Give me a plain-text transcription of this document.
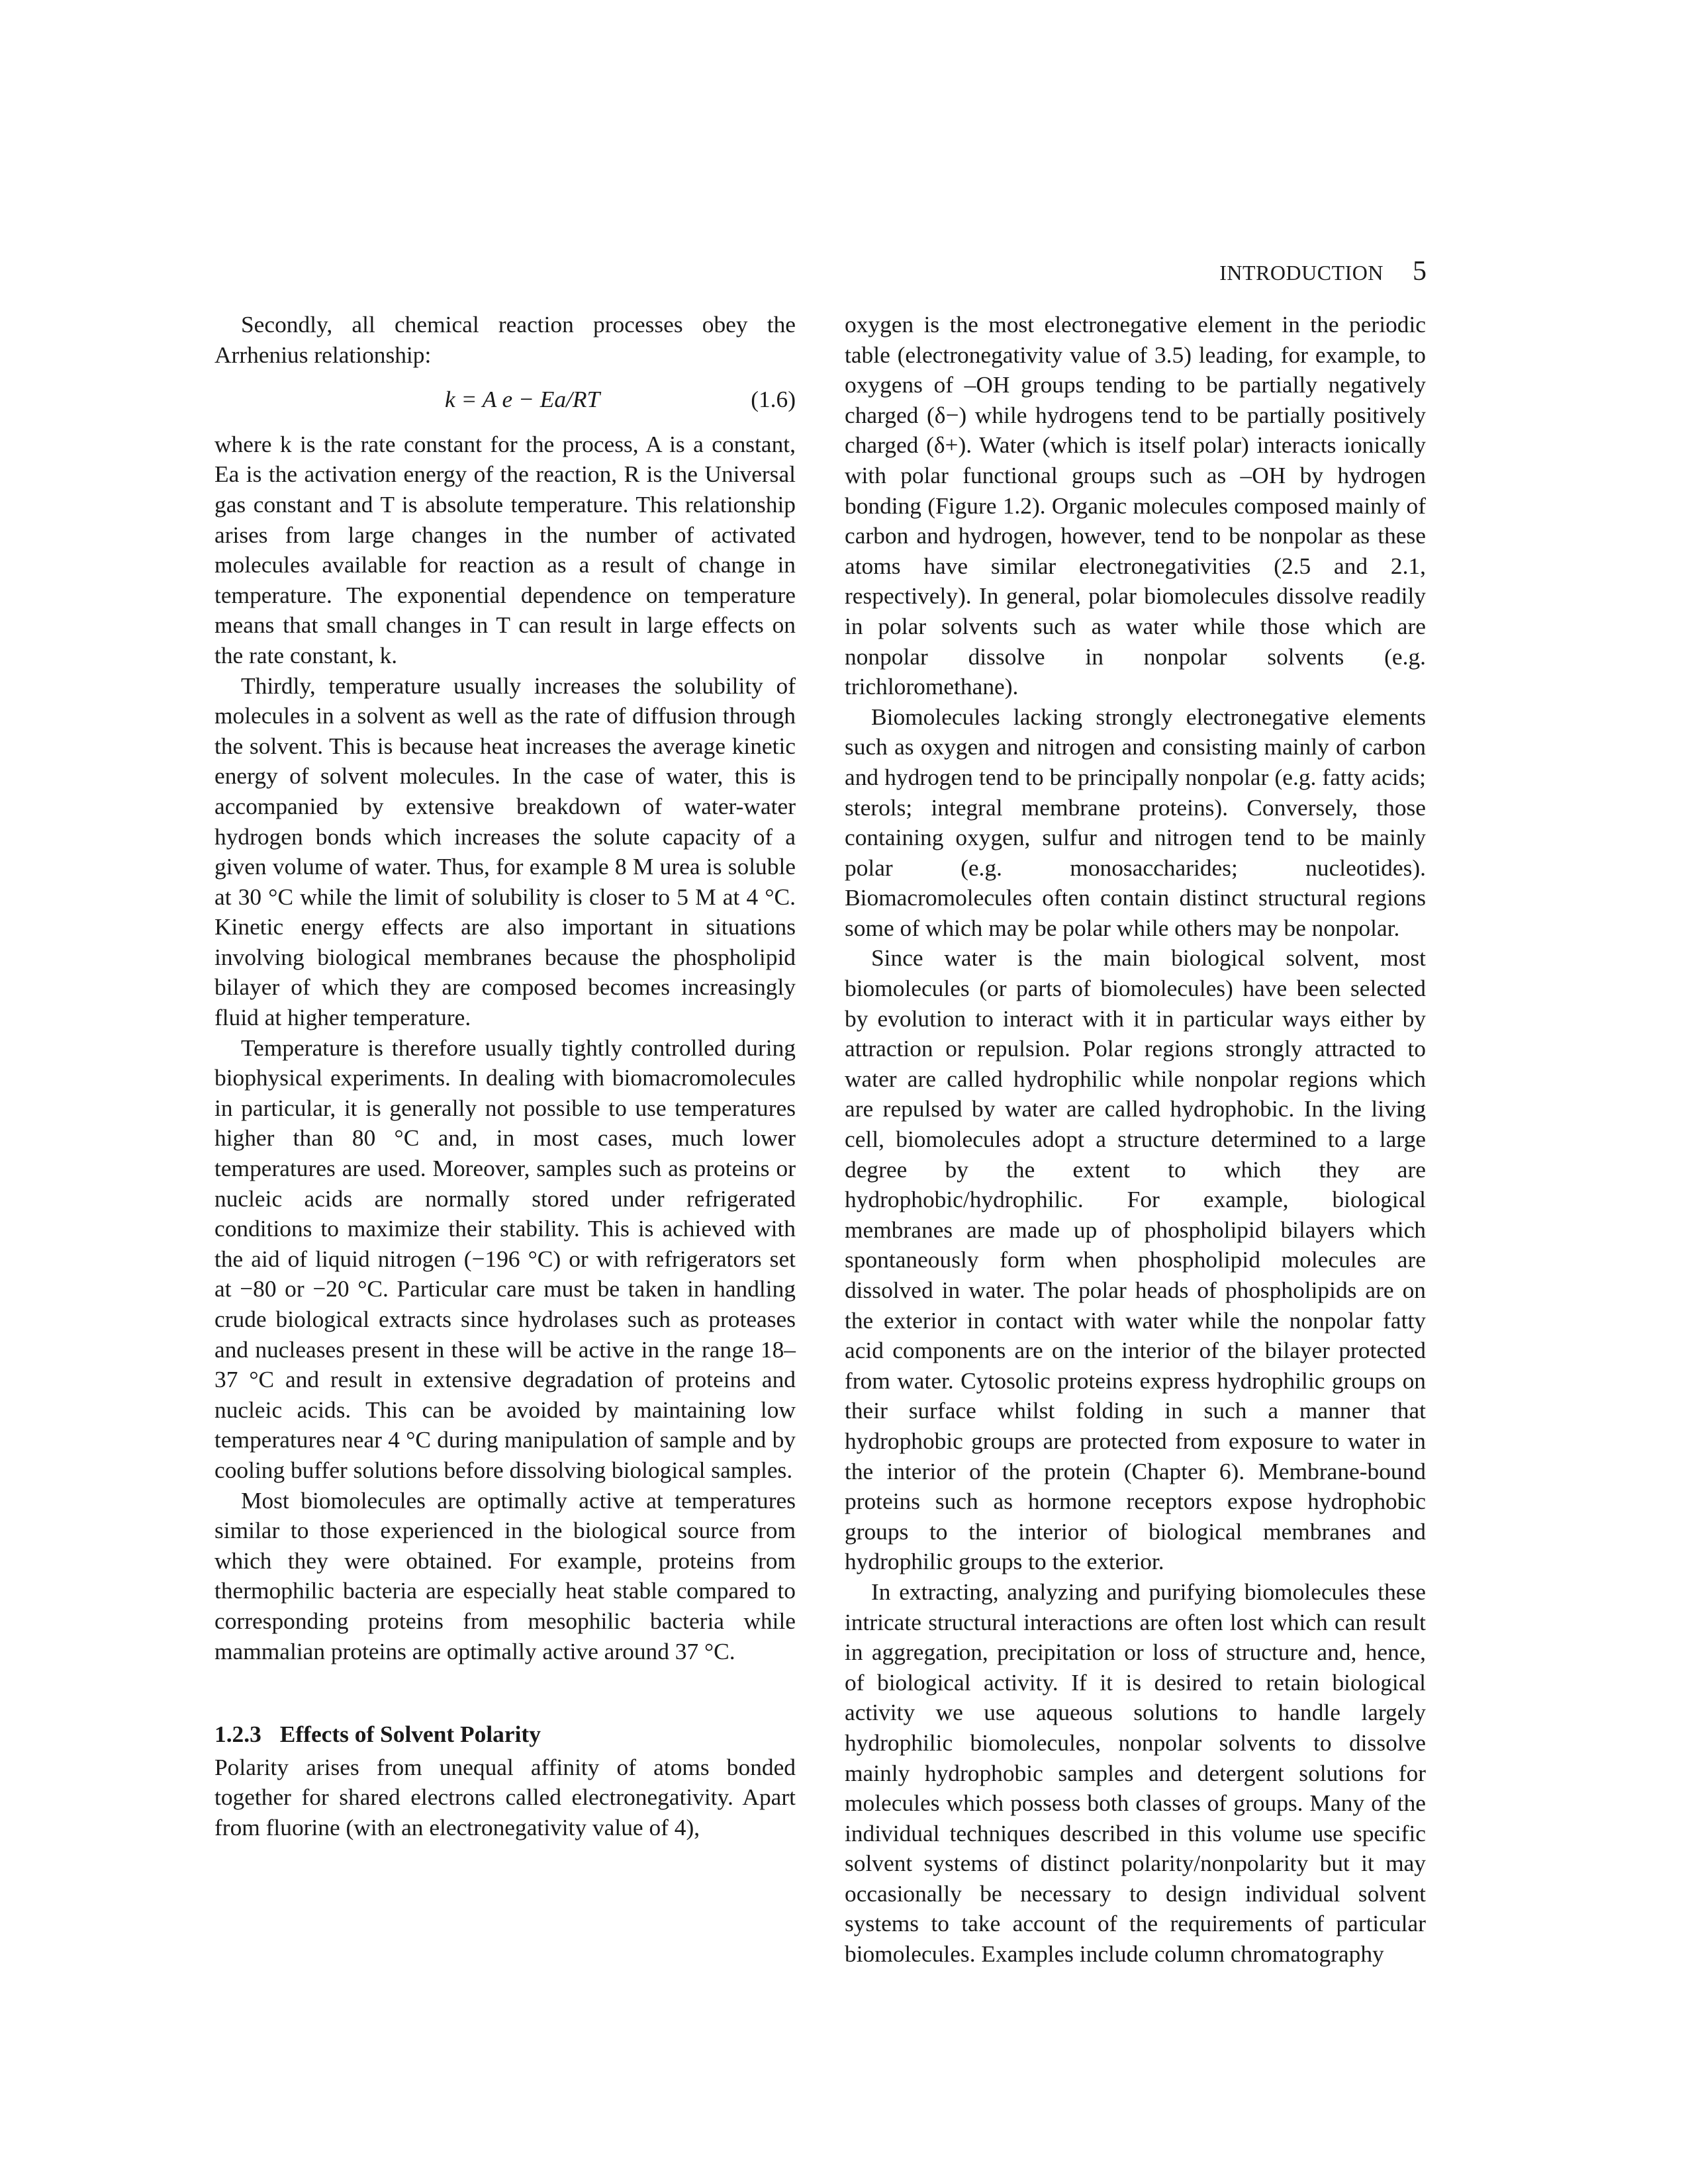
INTRODUCTION 5

Secondly, all chemical reaction processes obey the Arrhenius relationship:

k = A e − Ea/RT	(1.6)

where k is the rate constant for the process, A is a constant, Ea is the activation energy of the reaction, R is the Universal gas constant and T is absolute temperature. This relationship arises from large changes in the number of activated molecules available for reaction as a result of change in temperature. The exponential dependence on temperature means that small changes in T can result in large effects on the rate constant, k.

Thirdly, temperature usually increases the solubility of molecules in a solvent as well as the rate of diffusion through the solvent. This is because heat increases the average kinetic energy of solvent molecules. In the case of water, this is accompanied by extensive breakdown of water-water hydrogen bonds which increases the solute capacity of a given volume of water. Thus, for example 8 M urea is soluble at 30 °C while the limit of solubility is closer to 5 M at 4 °C. Kinetic energy effects are also important in situations involving biological membranes because the phospholipid bilayer of which they are composed becomes increasingly fluid at higher temperature.

Temperature is therefore usually tightly controlled during biophysical experiments. In dealing with biomacromolecules in particular, it is generally not possible to use temperatures higher than 80 °C and, in most cases, much lower temperatures are used. Moreover, samples such as proteins or nucleic acids are normally stored under refrigerated conditions to maximize their stability. This is achieved with the aid of liquid nitrogen (−196 °C) or with refrigerators set at −80 or −20 °C. Particular care must be taken in handling crude biological extracts since hydrolases such as proteases and nucleases present in these will be active in the range 18–37 °C and result in extensive degradation of proteins and nucleic acids. This can be avoided by maintaining low temperatures near 4 °C during manipulation of sample and by cooling buffer solutions before dissolving biological samples.

Most biomolecules are optimally active at temperatures similar to those experienced in the biological source from which they were obtained. For example, proteins from thermophilic bacteria are especially heat stable compared to corresponding proteins from mesophilic bacteria while mammalian proteins are optimally active around 37 °C.

1.2.3 Effects of Solvent Polarity

Polarity arises from unequal affinity of atoms bonded together for shared electrons called electronegativity. Apart from fluorine (with an electronegativity value of 4),

oxygen is the most electronegative element in the periodic table (electronegativity value of 3.5) leading, for example, to oxygens of –OH groups tending to be partially negatively charged (δ−) while hydrogens tend to be partially positively charged (δ+). Water (which is itself polar) interacts ionically with polar functional groups such as –OH by hydrogen bonding (Figure 1.2). Organic molecules composed mainly of carbon and hydrogen, however, tend to be nonpolar as these atoms have similar electronegativities (2.5 and 2.1, respectively). In general, polar biomolecules dissolve readily in polar solvents such as water while those which are nonpolar dissolve in nonpolar solvents (e.g. trichloromethane).

Biomolecules lacking strongly electronegative elements such as oxygen and nitrogen and consisting mainly of carbon and hydrogen tend to be principally nonpolar (e.g. fatty acids; sterols; integral membrane proteins). Conversely, those containing oxygen, sulfur and nitrogen tend to be mainly polar (e.g. monosaccharides; nucleotides). Biomacromolecules often contain distinct structural regions some of which may be polar while others may be nonpolar.

Since water is the main biological solvent, most biomolecules (or parts of biomolecules) have been selected by evolution to interact with it in particular ways either by attraction or repulsion. Polar regions strongly attracted to water are called hydrophilic while nonpolar regions which are repulsed by water are called hydrophobic. In the living cell, biomolecules adopt a structure determined to a large degree by the extent to which they are hydrophobic/hydrophilic. For example, biological membranes are made up of phospholipid bilayers which spontaneously form when phospholipid molecules are dissolved in water. The polar heads of phospholipids are on the exterior in contact with water while the nonpolar fatty acid components are on the interior of the bilayer protected from water. Cytosolic proteins express hydrophilic groups on their surface whilst folding in such a manner that hydrophobic groups are protected from exposure to water in the interior of the protein (Chapter 6). Membrane-bound proteins such as hormone receptors expose hydrophobic groups to the interior of biological membranes and hydrophilic groups to the exterior.

In extracting, analyzing and purifying biomolecules these intricate structural interactions are often lost which can result in aggregation, precipitation or loss of structure and, hence, of biological activity. If it is desired to retain biological activity we use aqueous solutions to handle largely hydrophilic biomolecules, nonpolar solvents to dissolve mainly hydrophobic samples and detergent solutions for molecules which possess both classes of groups. Many of the individual techniques described in this volume use specific solvent systems of distinct polarity/nonpolarity but it may occasionally be necessary to design individual solvent systems to take account of the requirements of particular biomolecules. Examples include column chromatography
